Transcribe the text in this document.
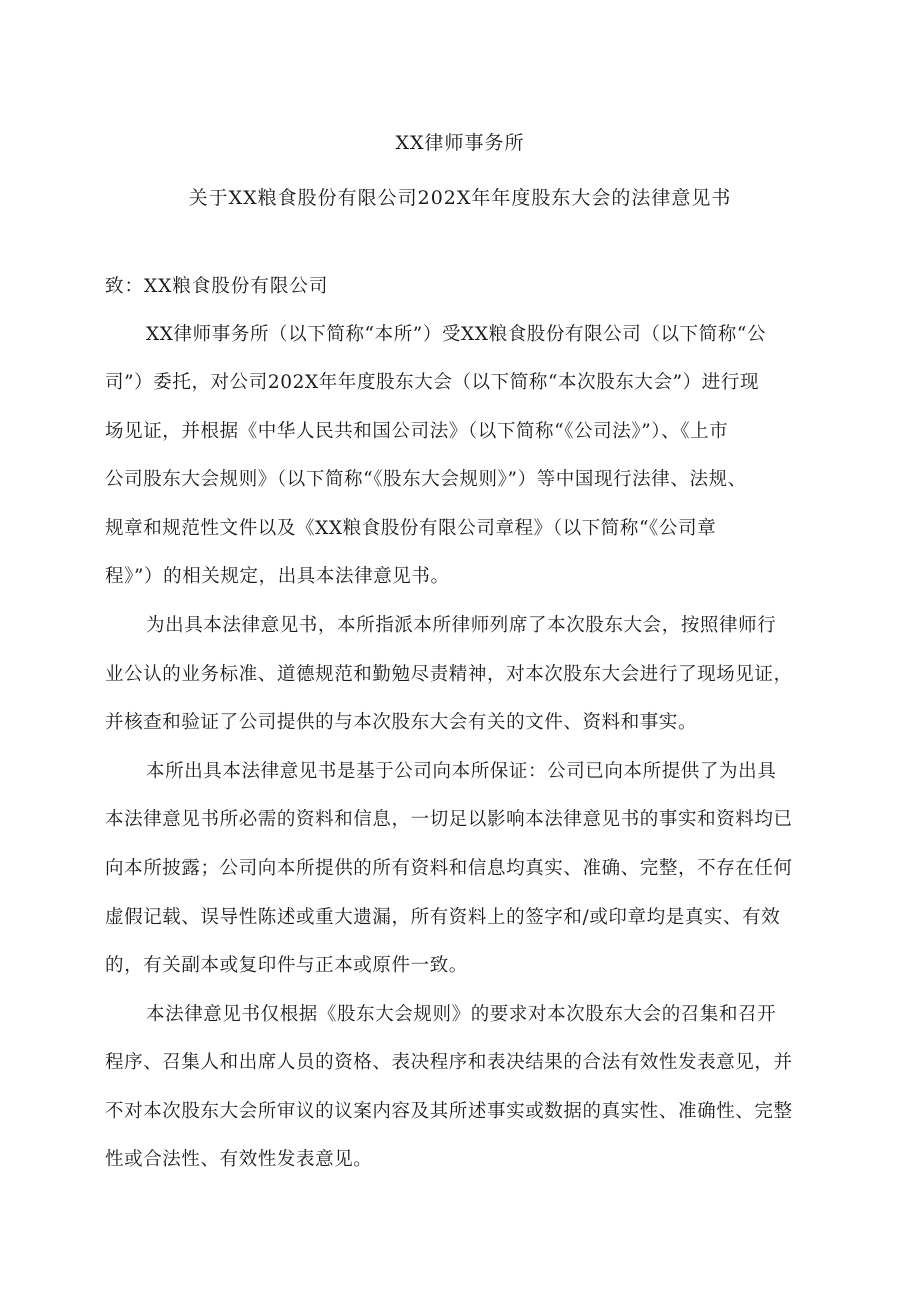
XX律师事务所
关于XX粮食股份有限公司202X年年度股东大会的法律意见书
致：XX粮食股份有限公司
XX律师事务所（以下简称“本所”）受XX粮食股份有限公司（以下简称“公
司”）委托，对公司202X年年度股东大会（以下简称“本次股东大会”）进行现
场见证，并根据《中华人民共和国公司法》（以下简称“《公司法》”）、《上市
公司股东大会规则》（以下简称“《股东大会规则》”）等中国现行法律、法规、
规章和规范性文件以及《XX粮食股份有限公司章程》（以下简称“《公司章
程》”）的相关规定，出具本法律意见书。
为出具本法律意见书，本所指派本所律师列席了本次股东大会，按照律师行
业公认的业务标准、道德规范和勤勉尽责精神，对本次股东大会进行了现场见证，
并核查和验证了公司提供的与本次股东大会有关的文件、资料和事实。
本所出具本法律意见书是基于公司向本所保证：公司已向本所提供了为出具
本法律意见书所必需的资料和信息，一切足以影响本法律意见书的事实和资料均已
向本所披露；公司向本所提供的所有资料和信息均真实、准确、完整，不存在任何
虚假记载、误导性陈述或重大遗漏，所有资料上的签字和/或印章均是真实、有效
的，有关副本或复印件与正本或原件一致。
本法律意见书仅根据《股东大会规则》的要求对本次股东大会的召集和召开
程序、召集人和出席人员的资格、表决程序和表决结果的合法有效性发表意见，并
不对本次股东大会所审议的议案内容及其所述事实或数据的真实性、准确性、完整
性或合法性、有效性发表意见。
